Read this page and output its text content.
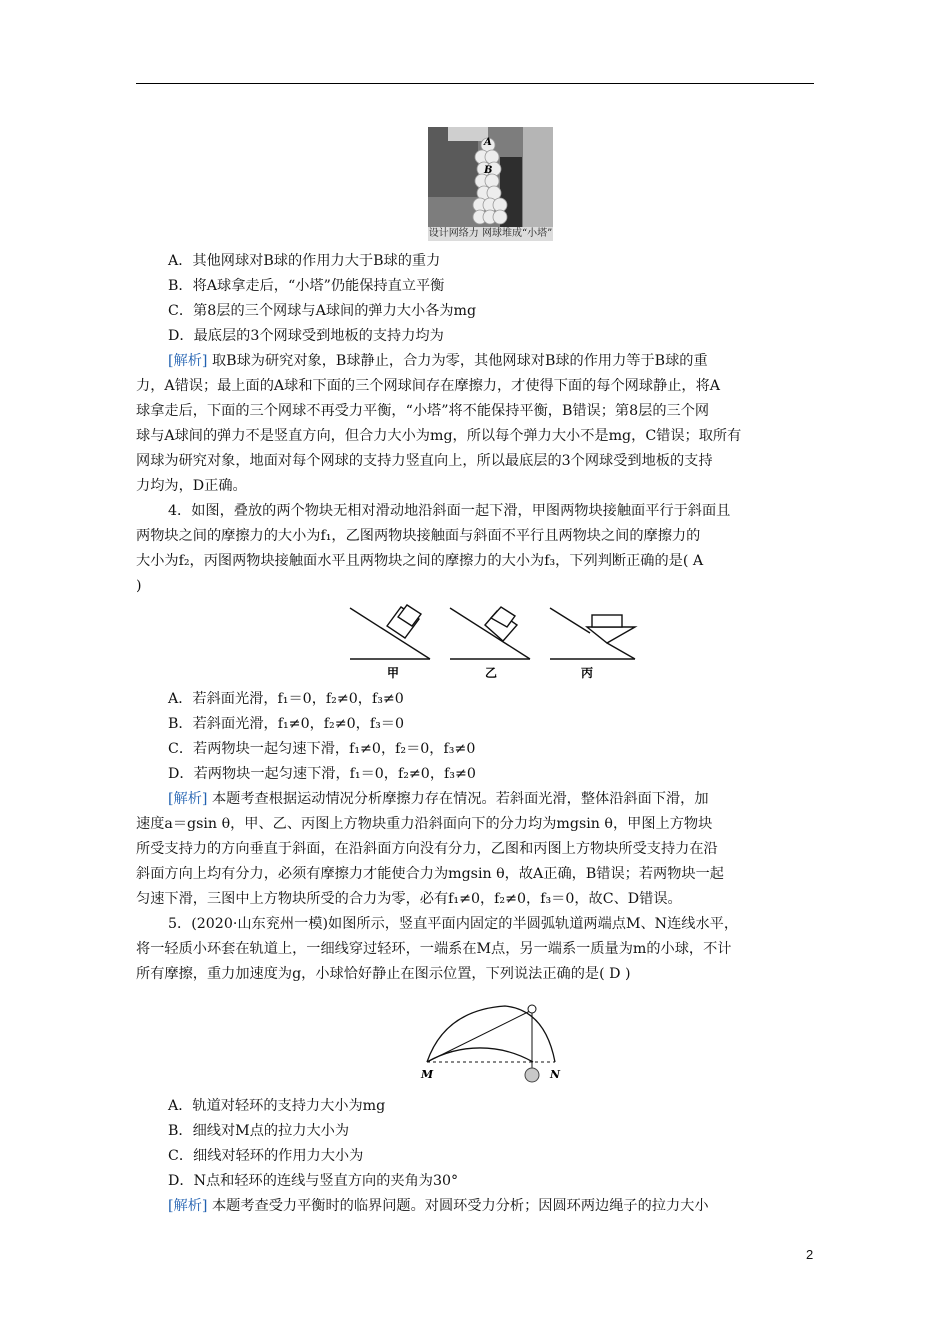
A
B
设计网络力 网球堆成“小塔”
A．其他网球对B球的作用力大于B球的重力
B．将A球拿走后，“小塔”仍能保持直立平衡
C．第8层的三个网球与A球间的弹力大小各为mg
D．最底层的3个网球受到地板的支持力均为
[解析] 取B球为研究对象，B球静止，合力为零，其他网球对B球的作用力等于B球的重
力，A错误；最上面的A球和下面的三个网球间存在摩擦力，才使得下面的每个网球静止，将A
球拿走后，下面的三个网球不再受力平衡，“小塔”将不能保持平衡，B错误；第8层的三个网
球与A球间的弹力不是竖直方向，但合力大小为mg，所以每个弹力大小不是mg，C错误；取所有
网球为研究对象，地面对每个网球的支持力竖直向上，所以最底层的3个网球受到地板的支持
力均为，D正确。
4．如图，叠放的两个物块无相对滑动地沿斜面一起下滑，甲图两物块接触面平行于斜面且
两物块之间的摩擦力的大小为f₁，乙图两物块接触面与斜面不平行且两物块之间的摩擦力的
大小为f₂，丙图两物块接触面水平且两物块之间的摩擦力的大小为f₃，下列判断正确的是( A
)
甲	乙	丙
A．若斜面光滑，f₁＝0，f₂≠0，f₃≠0
B．若斜面光滑，f₁≠0，f₂≠0，f₃＝0
C．若两物块一起匀速下滑，f₁≠0，f₂＝0，f₃≠0
D．若两物块一起匀速下滑，f₁＝0，f₂≠0，f₃≠0
[解析] 本题考查根据运动情况分析摩擦力存在情况。若斜面光滑，整体沿斜面下滑，加
速度a＝gsin θ，甲、乙、丙图上方物块重力沿斜面向下的分力均为mgsin θ，甲图上方物块
所受支持力的方向垂直于斜面，在沿斜面方向没有分力，乙图和丙图上方物块所受支持力在沿
斜面方向上均有分力，必须有摩擦力才能使合力为mgsin θ，故A正确，B错误；若两物块一起
匀速下滑，三图中上方物块所受的合力为零，必有f₁≠0，f₂≠0，f₃＝0，故C、D错误。
5．(2020·山东兖州一模)如图所示，竖直平面内固定的半圆弧轨道两端点M、N连线水平，
将一轻质小环套在轨道上，一细线穿过轻环，一端系在M点，另一端系一质量为m的小球，不计
所有摩擦，重力加速度为g，小球恰好静止在图示位置，下列说法正确的是( D )
M	N
A．轨道对轻环的支持力大小为mg
B．细线对M点的拉力大小为
C．细线对轻环的作用力大小为
D．N点和轻环的连线与竖直方向的夹角为30°
[解析] 本题考查受力平衡时的临界问题。对圆环受力分析；因圆环两边绳子的拉力大小
2
